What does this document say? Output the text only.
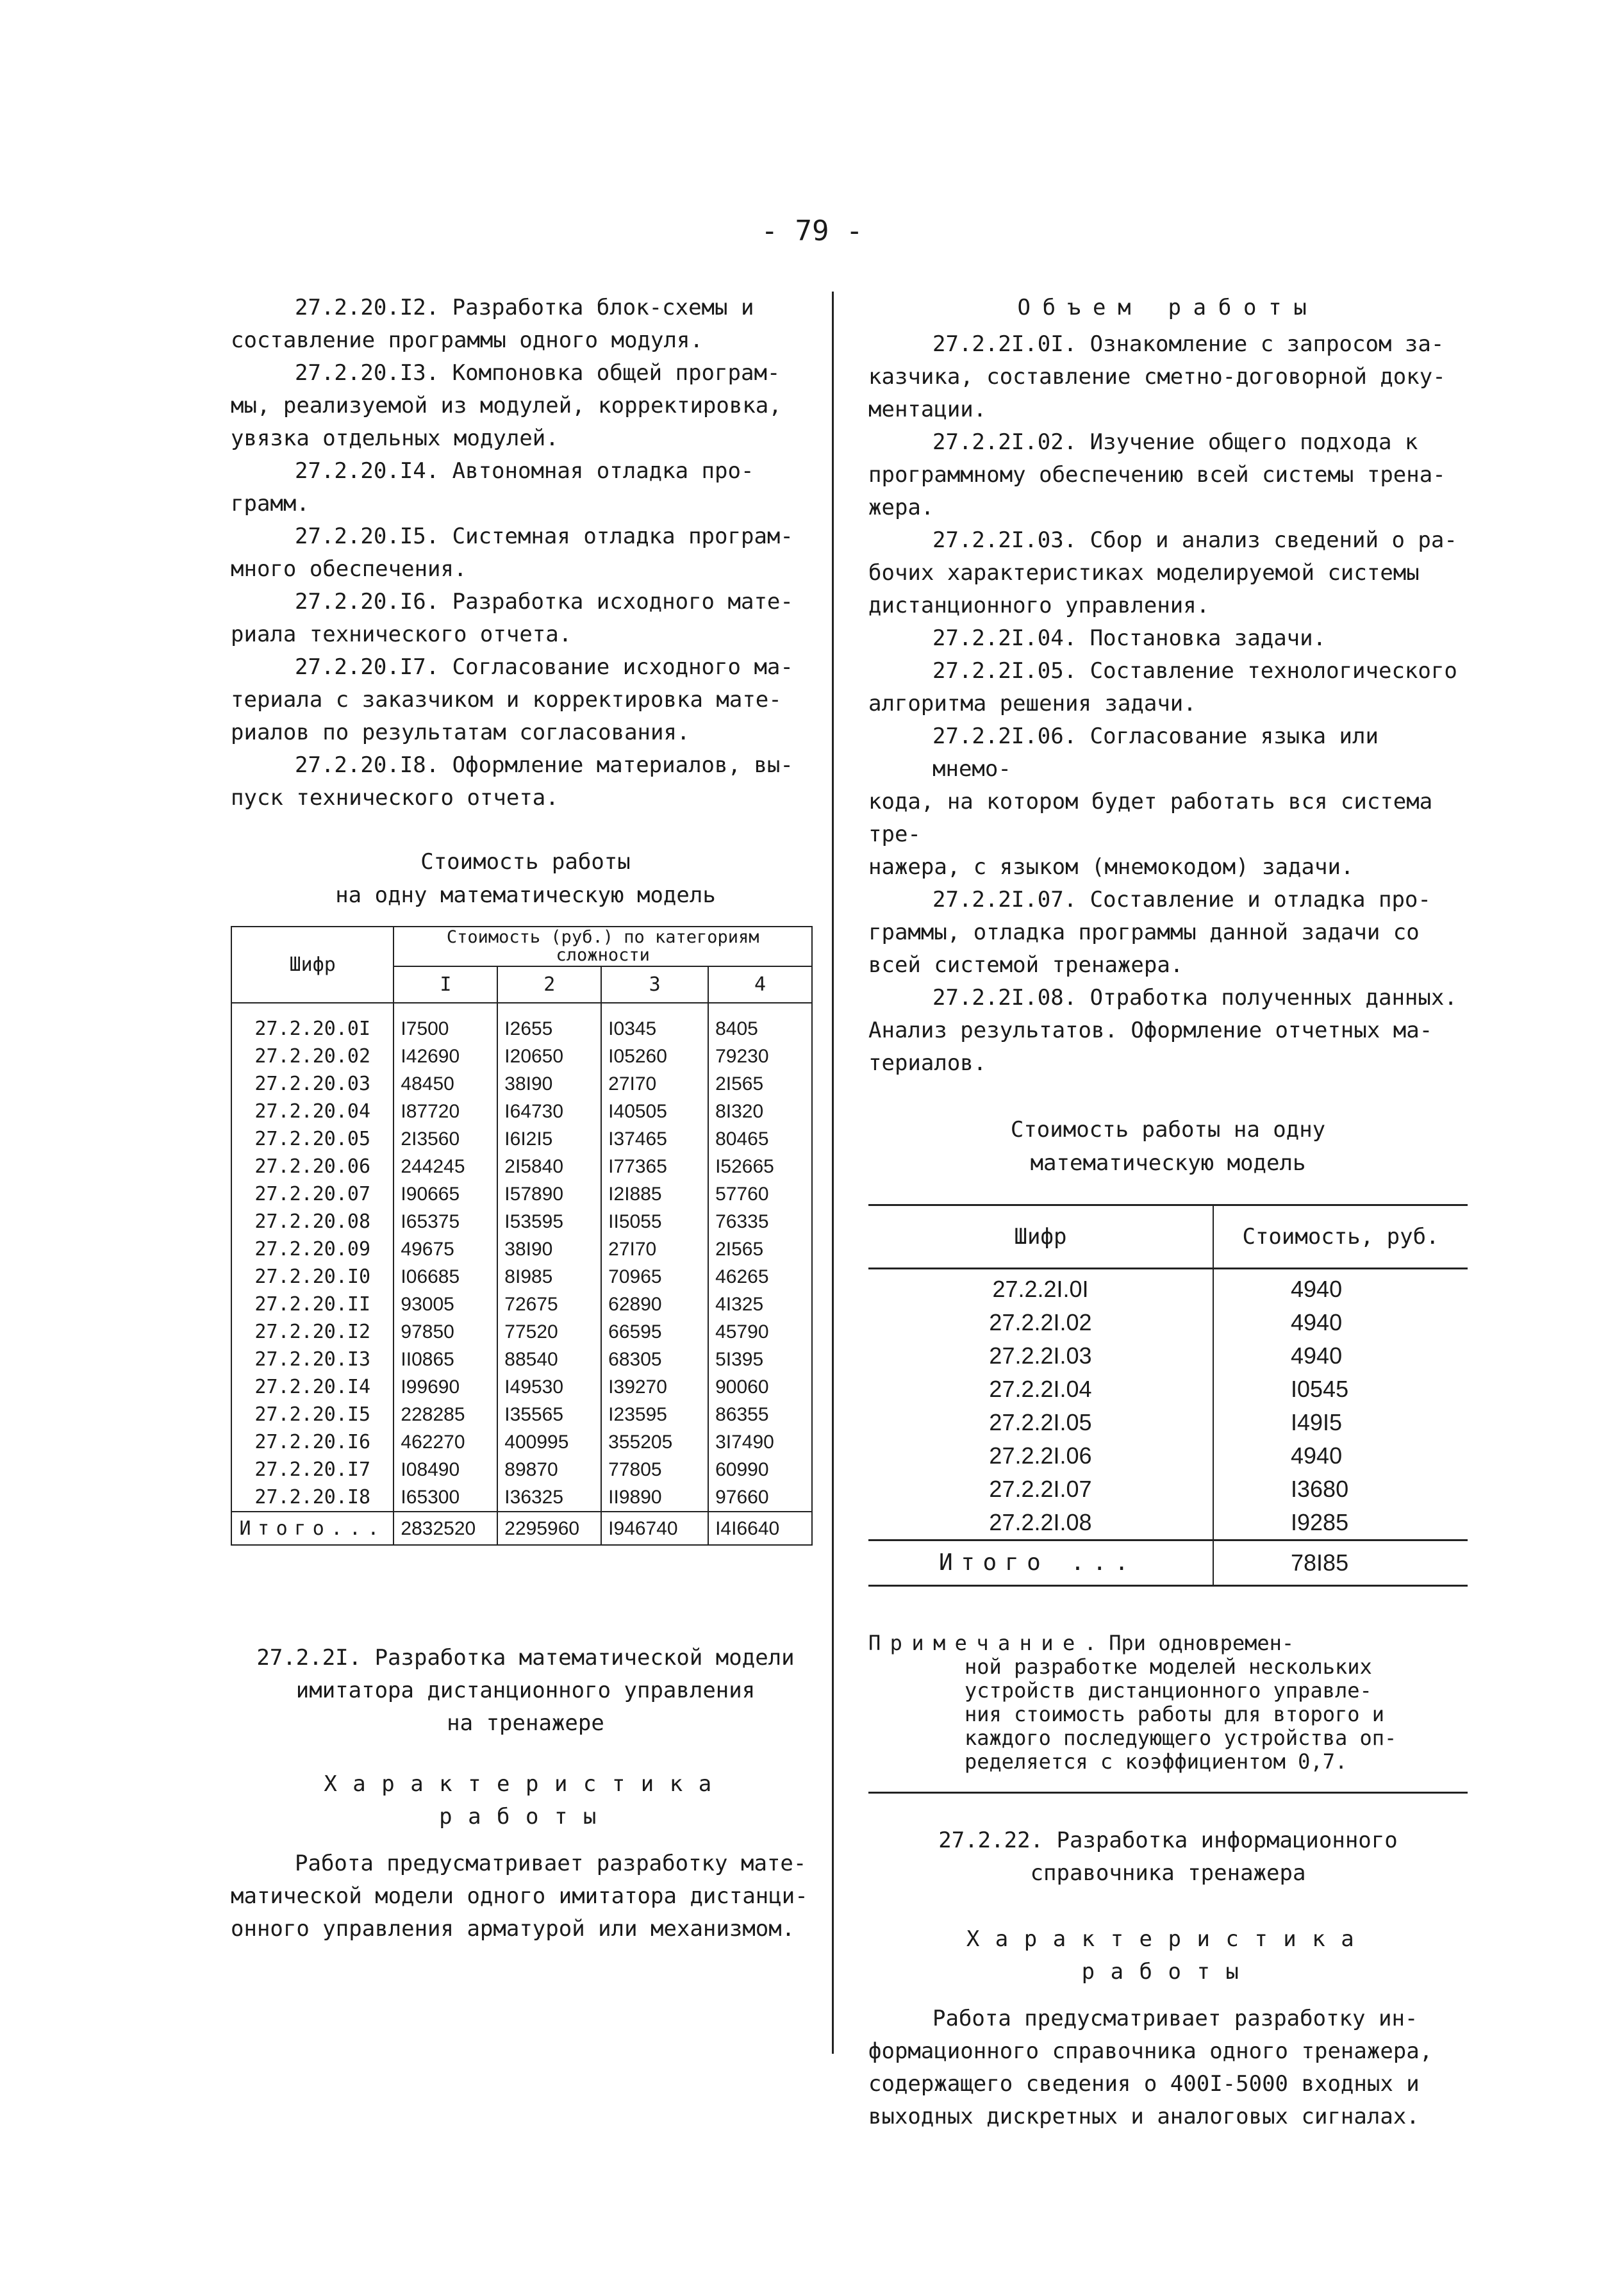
- 79 -
27.2.20.I2. Разработка блок-схемы и
составление программы одного модуля.
27.2.20.I3. Компоновка общей програм-
мы, реализуемой из модулей, корректировка,
увязка отдельных модулей.
27.2.20.I4. Автономная отладка про-
грамм.
27.2.20.I5. Системная отладка програм-
много обеспечения.
27.2.20.I6. Разработка исходного мате-
риала технического отчета.
27.2.20.I7. Согласование исходного ма-
териала с заказчиком и корректировка мате-
риалов по результатам согласования.
27.2.20.I8. Оформление материалов, вы-
пуск технического отчета.
Стоимость работы
на одну математическую модель
Шифр	Стоимость (руб.) по категориям сложности			
	I	2	3	4
27.2.20.0I	I7500	I2655	I0345	8405
27.2.20.02	I42690	I20650	I05260	79230
27.2.20.03	48450	38I90	27I70	2I565
27.2.20.04	I87720	I64730	I40505	8I320
27.2.20.05	2I3560	I6I2I5	I37465	80465
27.2.20.06	244245	2I5840	I77365	I52665
27.2.20.07	I90665	I57890	I2I885	57760
27.2.20.08	I65375	I53595	II5055	76335
27.2.20.09	49675	38I90	27I70	2I565
27.2.20.I0	I06685	8I985	70965	46265
27.2.20.II	93005	72675	62890	4I325
27.2.20.I2	97850	77520	66595	45790
27.2.20.I3	II0865	88540	68305	5I395
27.2.20.I4	I99690	I49530	I39270	90060
27.2.20.I5	228285	I35565	I23595	86355
27.2.20.I6	462270	400995	355205	3I7490
27.2.20.I7	I08490	89870	77805	60990
27.2.20.I8	I65300	I36325	II9890	97660
Итого...	2832520	2295960	I946740	I4I6640
27.2.2I. Разработка математической модели
имитатора дистанционного управления
на тренажере

Характеристика работы

Работа предусматривает разработку мате-
матической модели одного имитатора дистанци-
онного управления арматурой или механизмом.

Объем работы

27.2.2I.0I. Ознакомление с запросом за-
казчика, составление сметно-договорной доку-
ментации.
27.2.2I.02. Изучение общего подхода к
программному обеспечению всей системы трена-
жера.
27.2.2I.03. Сбор и анализ сведений о ра-
бочих характеристиках моделируемой системы
дистанционного управления.
27.2.2I.04. Постановка задачи.
27.2.2I.05. Составление технологического
алгоритма решения задачи.
27.2.2I.06. Согласование языка или мнемо-
кода, на котором будет работать вся система тре-
нажера, с языком (мнемокодом) задачи.
27.2.2I.07. Составление и отладка про-
граммы, отладка программы данной задачи со
всей системой тренажера.
27.2.2I.08. Отработка полученных данных.
Анализ результатов. Оформление отчетных ма-
териалов.
Стоимость работы на одну
математическую модель
Шифр	Стоимость, руб.
27.2.2I.0I	4940
27.2.2I.02	4940
27.2.2I.03	4940
27.2.2I.04	I0545
27.2.2I.05	I49I5
27.2.2I.06	4940
27.2.2I.07	I3680
27.2.2I.08	I9285
Итого ...	78I85
Примечание. При одновремен-
ной разработке моделей нескольких
устройств дистанционного управле-
ния стоимость работы для второго и
каждого последующего устройства оп-
ределяется с коэффициентом 0,7.
27.2.22. Разработка информационного
справочника тренажера

Характеристика работы

Работа предусматривает разработку ин-
формационного справочника одного тренажера,
содержащего сведения о 400I-5000 входных и
выходных дискретных и аналоговых сигналах.
